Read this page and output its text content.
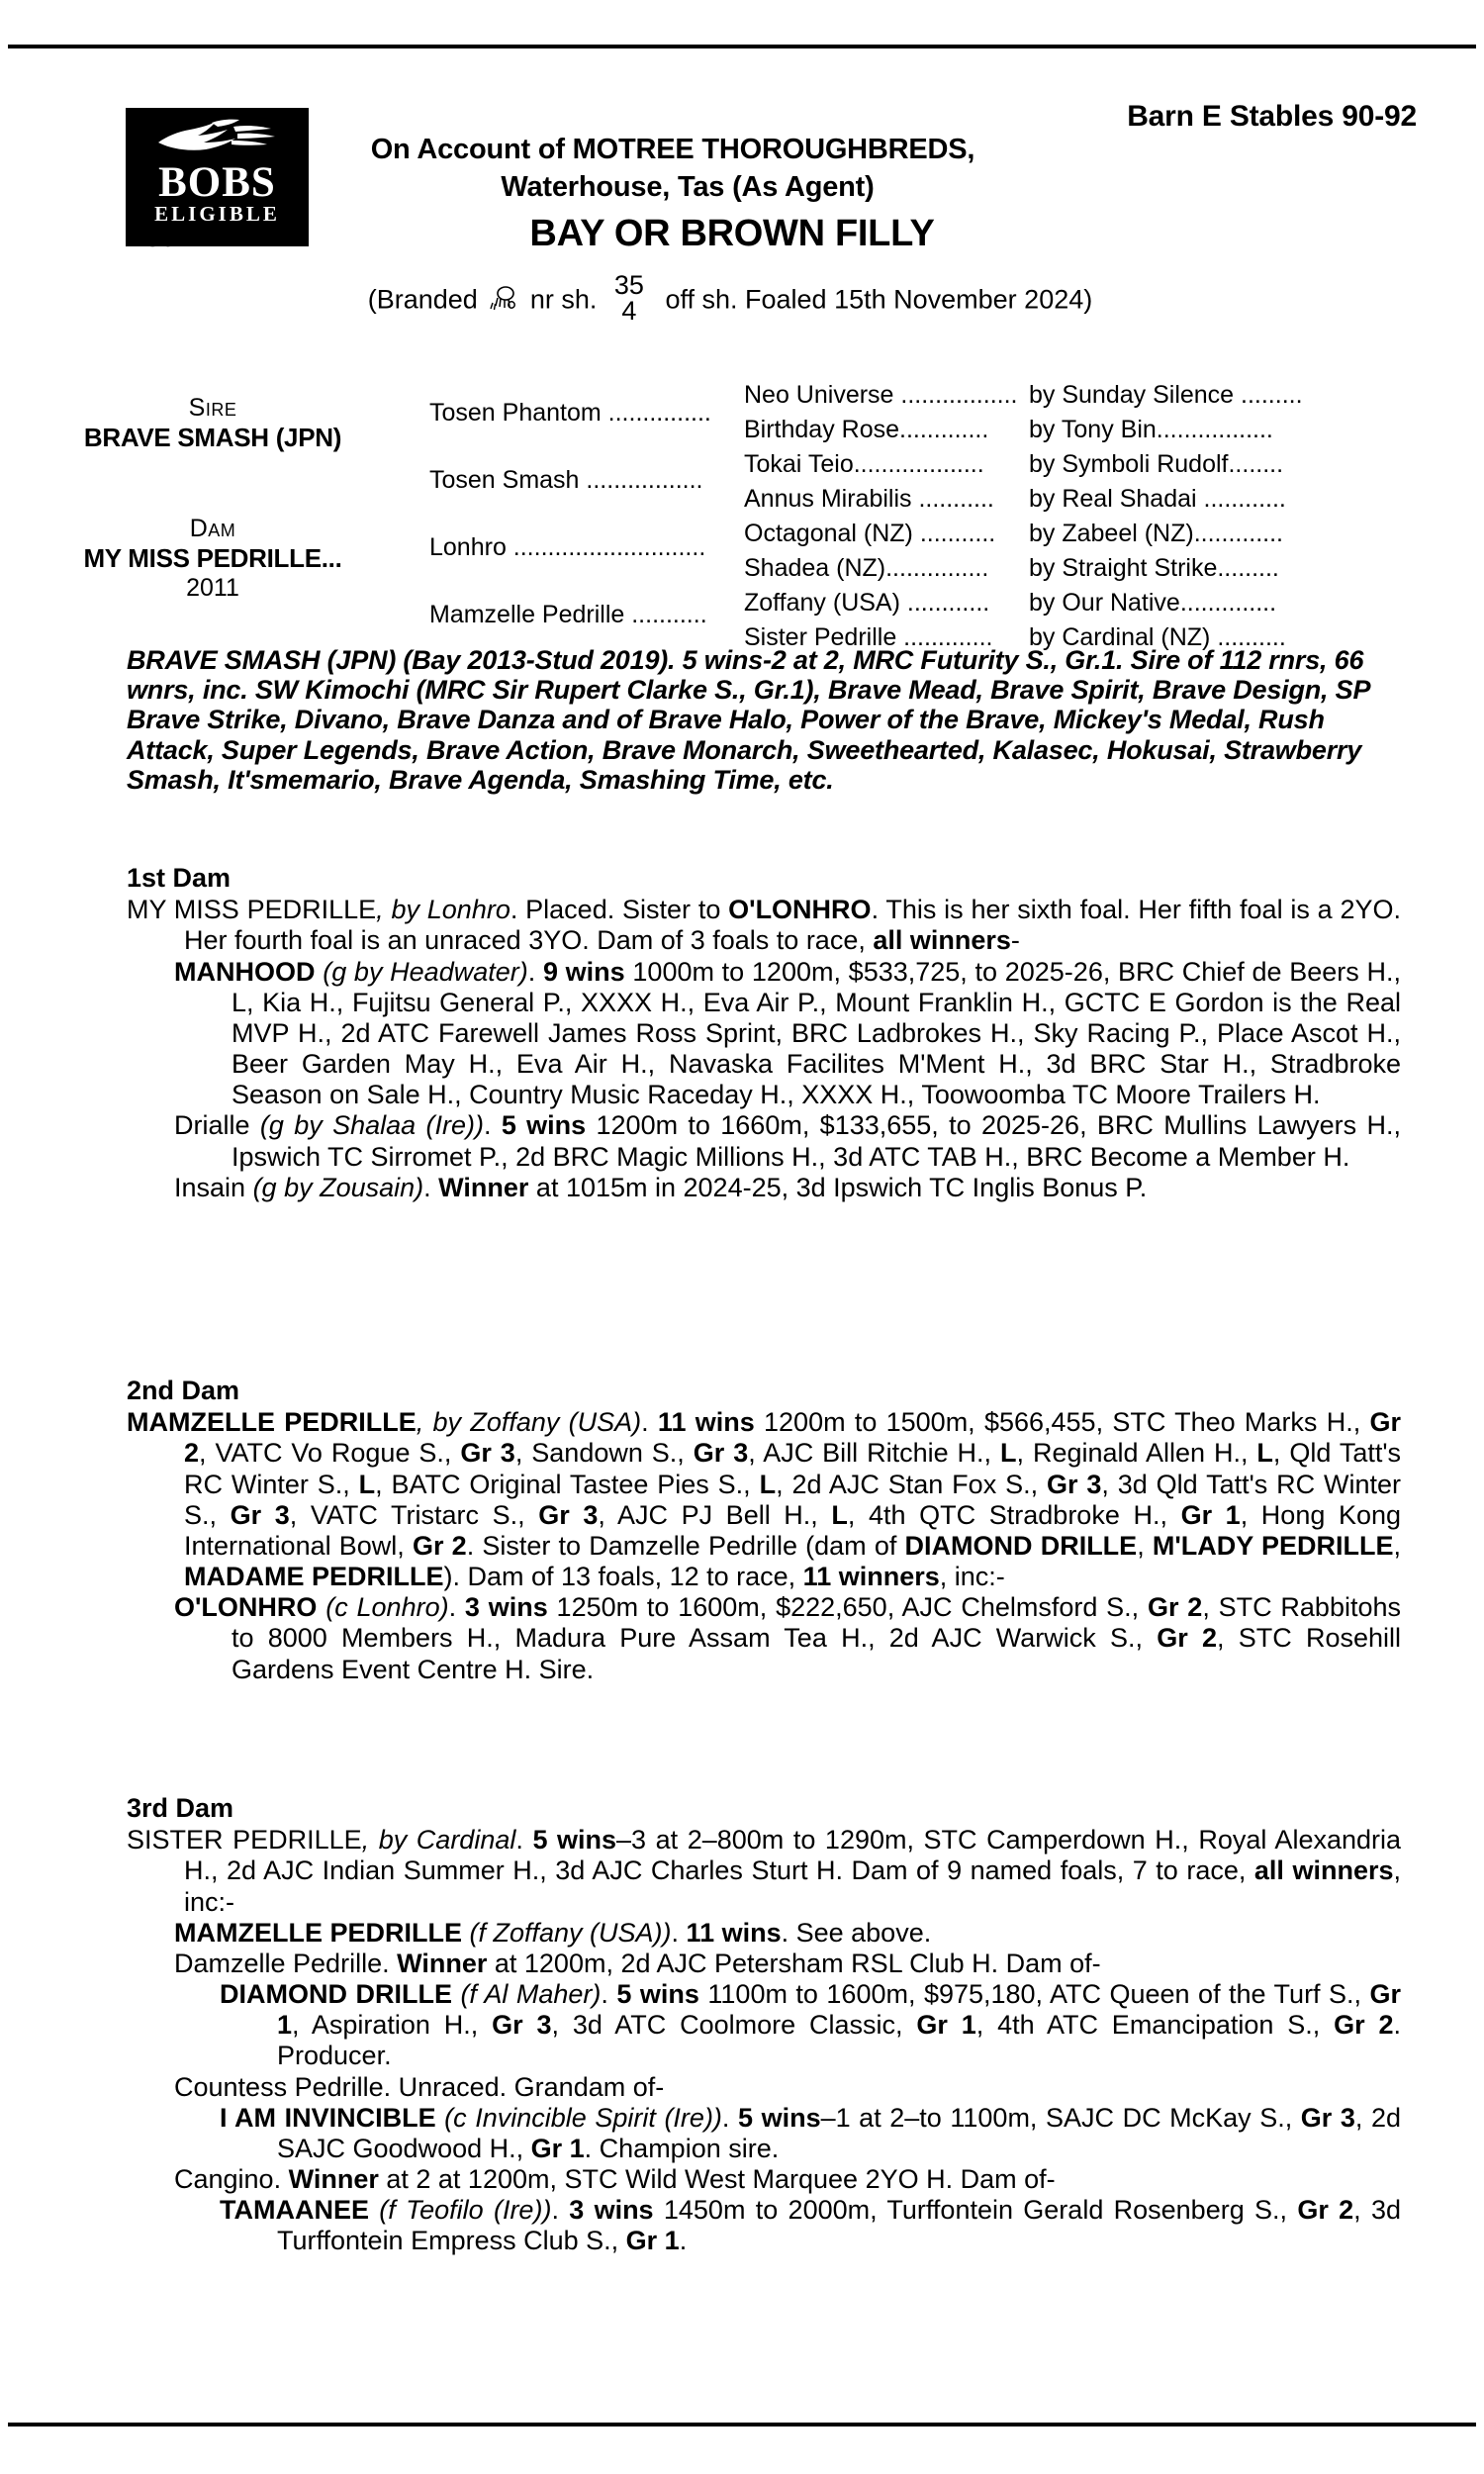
BOBS
ELIGIBLE
Barn E Stables 90-92
On Account of MOTREE THOROUGHBREDS,
Waterhouse, Tas (As Agent)
Lot 222	BAY OR BROWN FILLY
(Branded nr sh. 35
4 off sh. Foaled 15th November 2024)
Sire
BRAVE SMASH (JPN)
Dam
MY MISS PEDRILLE...
2011
Tosen Phantom ...............
Tosen Smash .................
Lonhro ............................
Mamzelle Pedrille ...........
Neo Universe .................
Birthday Rose.............
Tokai Teio...................
Annus Mirabilis ...........
Octagonal (NZ) ...........
Shadea (NZ)...............
Zoffany (USA) ............
Sister Pedrille .............
by Sunday Silence .........
by Tony Bin.................
by Symboli Rudolf........
by Real Shadai ............
by Zabeel (NZ).............
by Straight Strike.........
by Our Native..............
by Cardinal (NZ) ..........
BRAVE SMASH (JPN) (Bay 2013-Stud 2019). 5 wins-2 at 2, MRC Futurity S., Gr.1. Sire of 112 rnrs, 66 wnrs, inc. SW Kimochi (MRC Sir Rupert Clarke S., Gr.1), Brave Mead, Brave Spirit, Brave Design, SP Brave Strike, Divano, Brave Danza and of Brave Halo, Power of the Brave, Mickey's Medal, Rush Attack, Super Legends, Brave Action, Brave Monarch, Sweethearted, Kalasec, Hokusai, Strawberry Smash, It'smemario, Brave Agenda, Smashing Time, etc.
1st Dam

MY MISS PEDRILLE, by Lonhro. Placed. Sister to O'LONHRO. This is her sixth foal. Her fifth foal is a 2YO. Her fourth foal is an unraced 3YO. Dam of 3 foals to race, all winners-

MANHOOD (g by Headwater). 9 wins 1000m to 1200m, $533,725, to 2025-26, BRC Chief de Beers H., L, Kia H., Fujitsu General P., XXXX H., Eva Air P., Mount Franklin H., GCTC E Gordon is the Real MVP H., 2d ATC Farewell James Ross Sprint, BRC Ladbrokes H., Sky Racing P., Place Ascot H., Beer Garden May H., Eva Air H., Navaska Facilites M'Ment H., 3d BRC Star H., Stradbroke Season on Sale H., Country Music Raceday H., XXXX H., Toowoomba TC Moore Trailers H.

Drialle (g by Shalaa (Ire)). 5 wins 1200m to 1660m, $133,655, to 2025-26, BRC Mullins Lawyers H., Ipswich TC Sirromet P., 2d BRC Magic Millions H., 3d ATC TAB H., BRC Become a Member H.

Insain (g by Zousain). Winner at 1015m in 2024-25, 3d Ipswich TC Inglis Bonus P.

2nd Dam

MAMZELLE PEDRILLE, by Zoffany (USA). 11 wins 1200m to 1500m, $566,455, STC Theo Marks H., Gr 2, VATC Vo Rogue S., Gr 3, Sandown S., Gr 3, AJC Bill Ritchie H., L, Reginald Allen H., L, Qld Tatt's RC Winter S., L, BATC Original Tastee Pies S., L, 2d AJC Stan Fox S., Gr 3, 3d Qld Tatt's RC Winter S., Gr 3, VATC Tristarc S., Gr 3, AJC PJ Bell H., L, 4th QTC Stradbroke H., Gr 1, Hong Kong International Bowl, Gr 2. Sister to Damzelle Pedrille (dam of DIAMOND DRILLE, M'LADY PEDRILLE, MADAME PEDRILLE). Dam of 13 foals, 12 to race, 11 winners, inc:-

O'LONHRO (c Lonhro). 3 wins 1250m to 1600m, $222,650, AJC Chelmsford S., Gr 2, STC Rabbitohs to 8000 Members H., Madura Pure Assam Tea H., 2d AJC Warwick S., Gr 2, STC Rosehill Gardens Event Centre H. Sire.

3rd Dam

SISTER PEDRILLE, by Cardinal. 5 wins–3 at 2–800m to 1290m, STC Camperdown H., Royal Alexandria H., 2d AJC Indian Summer H., 3d AJC Charles Sturt H. Dam of 9 named foals, 7 to race, all winners, inc:-

MAMZELLE PEDRILLE (f Zoffany (USA)). 11 wins. See above.

Damzelle Pedrille. Winner at 1200m, 2d AJC Petersham RSL Club H. Dam of-

DIAMOND DRILLE (f Al Maher). 5 wins 1100m to 1600m, $975,180, ATC Queen of the Turf S., Gr 1, Aspiration H., Gr 3, 3d ATC Coolmore Classic, Gr 1, 4th ATC Emancipation S., Gr 2. Producer.

Countess Pedrille. Unraced. Grandam of-

I AM INVINCIBLE (c Invincible Spirit (Ire)). 5 wins–1 at 2–to 1100m, SAJC DC McKay S., Gr 3, 2d SAJC Goodwood H., Gr 1. Champion sire.

Cangino. Winner at 2 at 1200m, STC Wild West Marquee 2YO H. Dam of-

TAMAANEE (f Teofilo (Ire)). 3 wins 1450m to 2000m, Turffontein Gerald Rosenberg S., Gr 2, 3d Turffontein Empress Club S., Gr 1.
